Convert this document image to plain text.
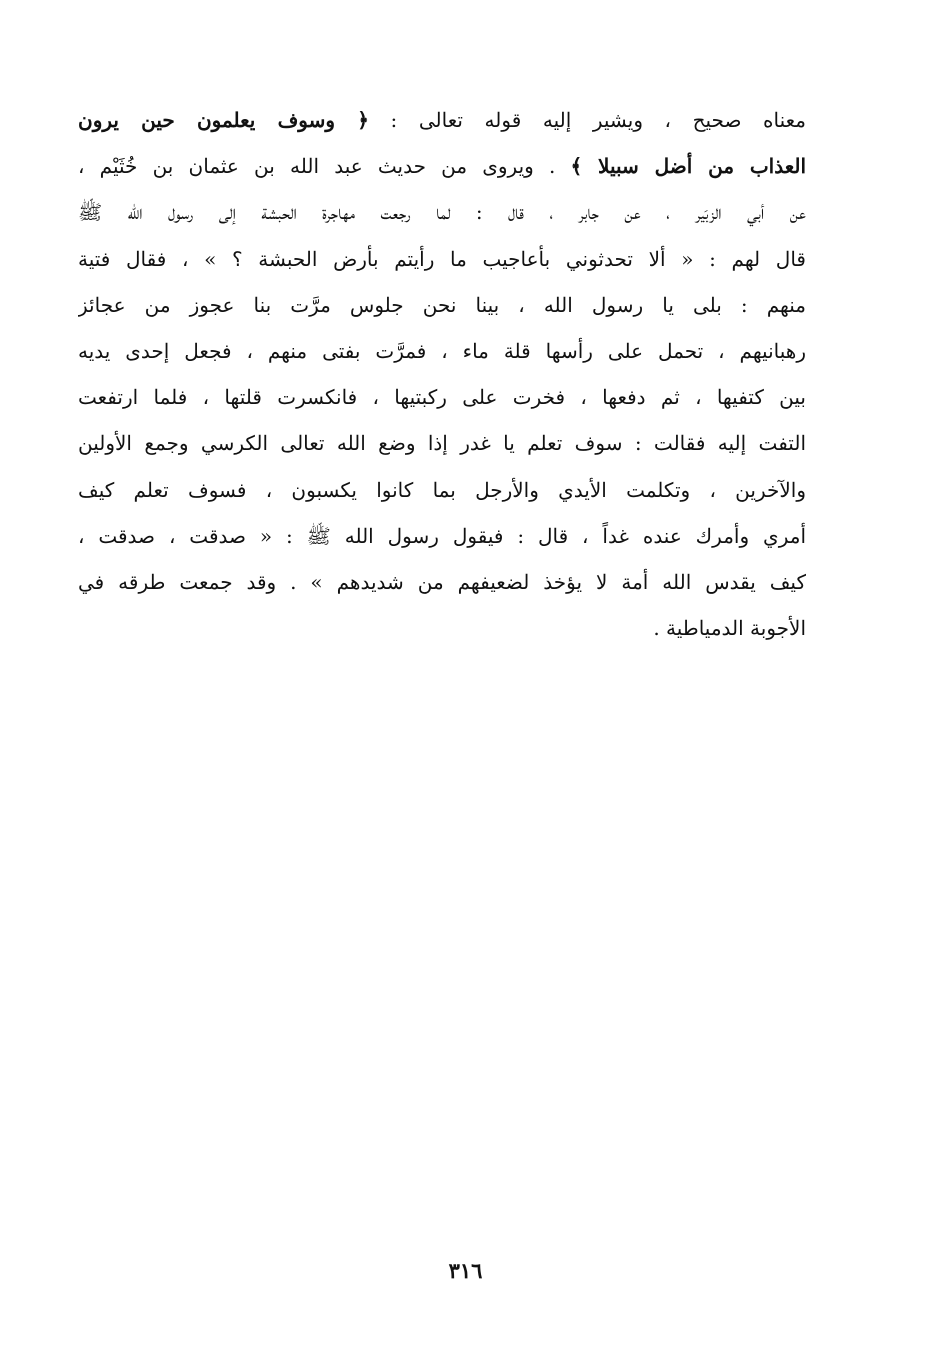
معناه صحيح ، ويشير إليه قوله تعالى : ﴿ وسوف يعلمون حين يرون
العذاب من أضل سبيلا ﴾ . ويروى من حديث عبد الله بن عثمان بن خُثَيْم ،
عن أبي الزبَير ، عن جابر ، قال : لما رجعت مهاجرة الحبشة إلى رسول الله ﷺ
قال لهم : « ألا تحدثوني بأعاجيب ما رأيتم بأرض الحبشة ؟ » ، فقال فتية
منهم : بلى يا رسول الله ، بينا نحن جلوس مرَّت بنا عجوز من عجائز
رهبانيهم ، تحمل على رأسها قلة ماء ، فمرَّت بفتى منهم ، فجعل إحدى يديه
بين كتفيها ، ثم دفعها ، فخرت على ركبتيها ، فانكسرت قلتها ، فلما ارتفعت
التفت إليه فقالت : سوف تعلم يا غدر إذا وضع الله تعالى الكرسي وجمع الأولين
والآخرين ، وتكلمت الأيدي والأرجل بما كانوا يكسبون ، فسوف تعلم كيف
أمري وأمرك عنده غداً ، قال : فيقول رسول الله ﷺ : « صدقت ، صدقت ،
كيف يقدس الله أمة لا يؤخذ لضعيفهم من شديدهم » . وقد جمعت طرقه في
الأجوبة الدمياطية .
٣١٦
